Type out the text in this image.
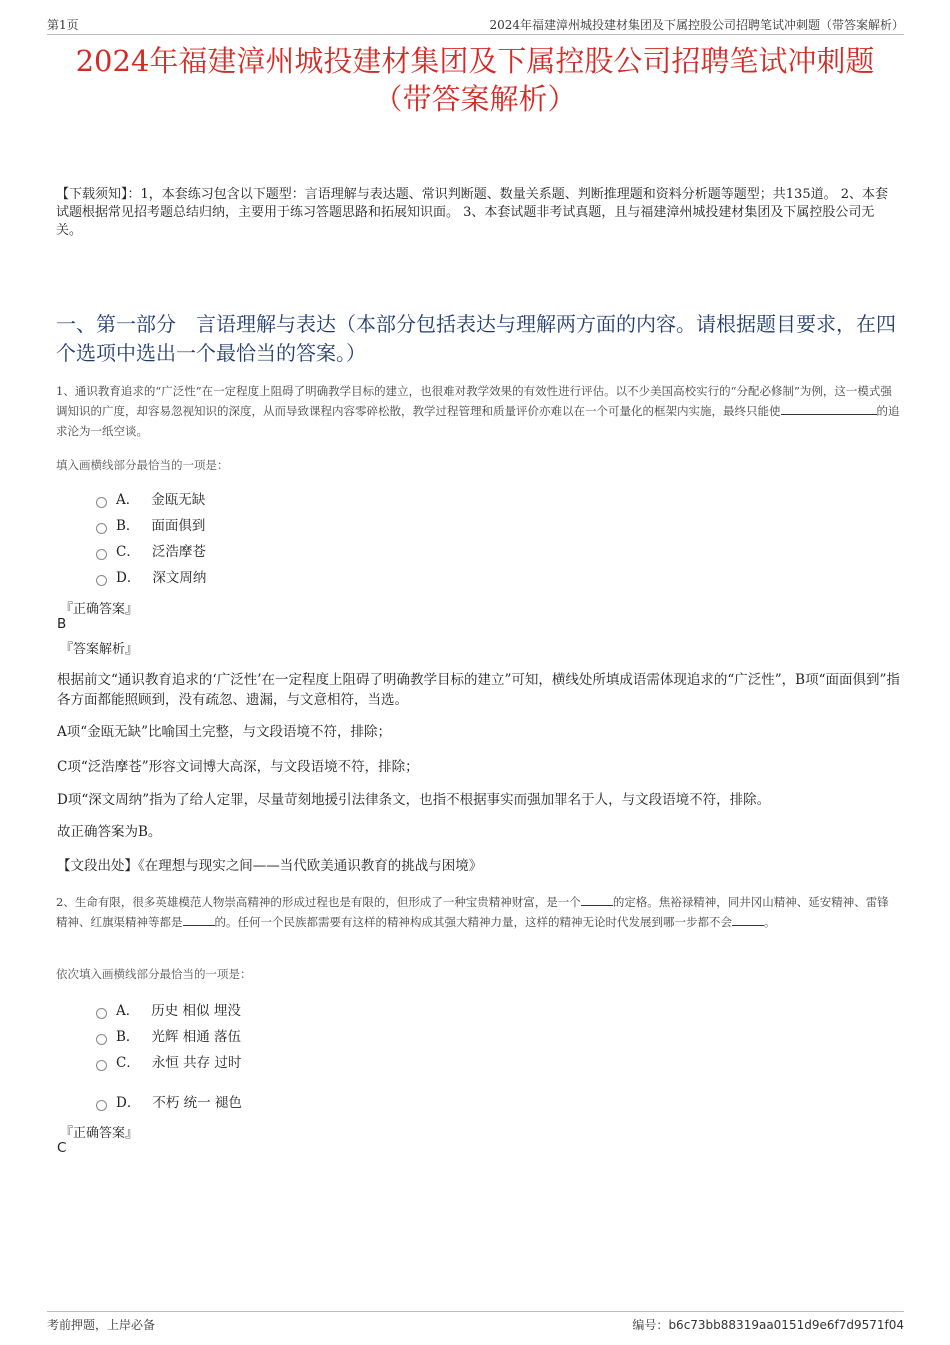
第1页	2024年福建漳州城投建材集团及下属控股公司招聘笔试冲刺题（带答案解析）
2024年福建漳州城投建材集团及下属控股公司招聘笔试冲刺题
（带答案解析）
【下载须知】：1，本套练习包含以下题型：言语理解与表达题、常识判断题、数量关系题、判断推理题和资料分析题等题型；共135道。 2、本套试题根据常见招考题总结归纳，主要用于练习答题思路和拓展知识面。 3、本套试题非考试真题，且与福建漳州城投建材集团及下属控股公司无关。
一、第一部分　言语理解与表达（本部分包括表达与理解两方面的内容。请根据题目要求，在四个选项中选出一个最恰当的答案。）
1、通识教育追求的“广泛性”在一定程度上阻碍了明确教学目标的建立，也很难对教学效果的有效性进行评估。以不少美国高校实行的“分配必修制”为例，这一模式强调知识的广度，却容易忽视知识的深度，从而导致课程内容零碎松散，教学过程管理和质量评价亦难以在一个可量化的框架内实施，最终只能使	的追求沦为一纸空谈。
填入画横线部分最恰当的一项是：
A． 金瓯无缺
B． 面面俱到
C． 泛浩摩苍
D． 深文周纳
『正确答案』
B
『答案解析』
根据前文“通识教育追求的‘广泛性’在一定程度上阻碍了明确教学目标的建立”可知，横线处所填成语需体现追求的“广泛性”，B项“面面俱到”指各方面都能照顾到，没有疏忽、遗漏，与文意相符，当选。
A项“金瓯无缺”比喻国土完整，与文段语境不符，排除；
C项“泛浩摩苍”形容文词博大高深，与文段语境不符，排除；
D项“深文周纳”指为了给人定罪，尽量苛刻地援引法律条文，也指不根据事实而强加罪名于人，与文段语境不符，排除。
故正确答案为B。
【文段出处】《在理想与现实之间——当代欧美通识教育的挑战与困境》
2、生命有限，很多英雄模范人物崇高精神的形成过程也是有限的，但形成了一种宝贵精神财富，是一个	的定格。焦裕禄精神，同井冈山精神、延安精神、雷锋精神、红旗渠精神等都是	的。任何一个民族都需要有这样的精神构成其强大精神力量，这样的精神无论时代发展到哪一步都不会	。
依次填入画横线部分最恰当的一项是：
A． 历史 相似 埋没
B． 光辉 相通 落伍
C． 永恒 共存 过时
D． 不朽 统一 褪色
『正确答案』
C
考前押题，上岸必备	编号：b6c73bb88319aa0151d9e6f7d9571f04
